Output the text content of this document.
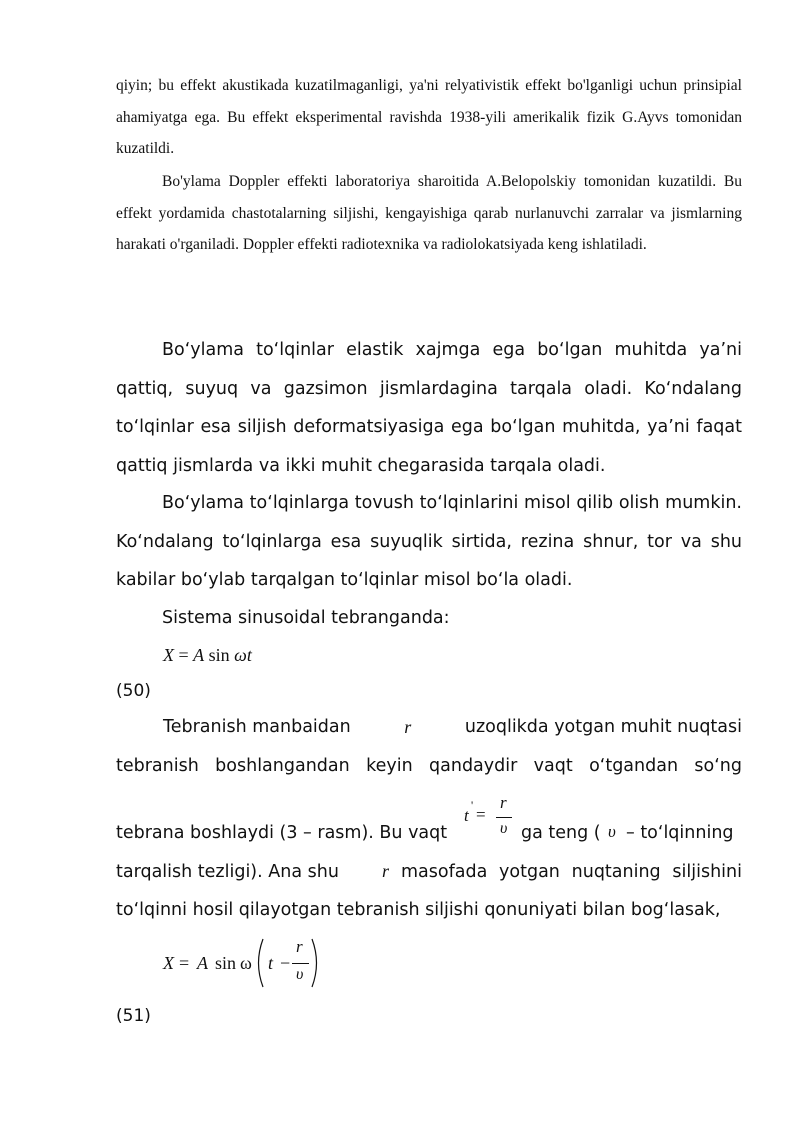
qiyin; bu effekt akustikada kuzatilmaganligi, ya'ni relyativistik effekt bo'lganligi uchun prinsipial ahamiyatga ega. Bu effekt eksperimental ravishda 1938-yili amerikalik fizik G.Ayvs tomonidan kuzatildi.

Bo'ylama Doppler effekti laboratoriya sharoitida A.Belopolskiy tomonidan kuzatildi. Bu effekt yordamida chastotalarning siljishi, kengayishiga qarab nurlanuvchi zarralar va jismlarning harakati o'rganiladi. Doppler effekti radiotexnika va radiolokatsiyada keng ishlatiladi.

Bo‘ylama to‘lqinlar elastik xajmga ega bo‘lgan muhitda ya’ni qattiq, suyuq va gazsimon jismlardagina tarqala oladi. Ko‘ndalang to‘lqinlar esa siljish deformatsiyasiga ega bo‘lgan muhitda, ya’ni faqat qattiq jismlarda va ikki muhit chegarasida tarqala oladi.

Bo‘ylama to‘lqinlarga tovush to‘lqinlarini misol qilib olish mumkin. Ko‘ndalang to‘lqinlarga esa suyuqlik sirtida, rezina shnur, tor va shu kabilar bo‘ylab tarqalgan to‘lqinlar misol bo‘la oladi.

Sistema sinusoidal tebranganda:

X = A sin ωt
(50)
Tebranish manbaidan	r	uzoqlikda yotgan muhit nuqtasi
tebranish boshlangandan keyin qandaydir vaqt o‘tgandan so‘ng
tebrana boshlaydi (3 – rasm). Bu vaqt
t
' =
r
υ ga teng ( υ – to‘lqinning
tarqalish tezligi). Ana shu r masofada yotgan nuqtaning siljishini
to‘lqinni hosil qilayotgan tebranish siljishi qonuniyati bilan bog‘lasak,
X = A sin ω t −
r
υ
(51)
